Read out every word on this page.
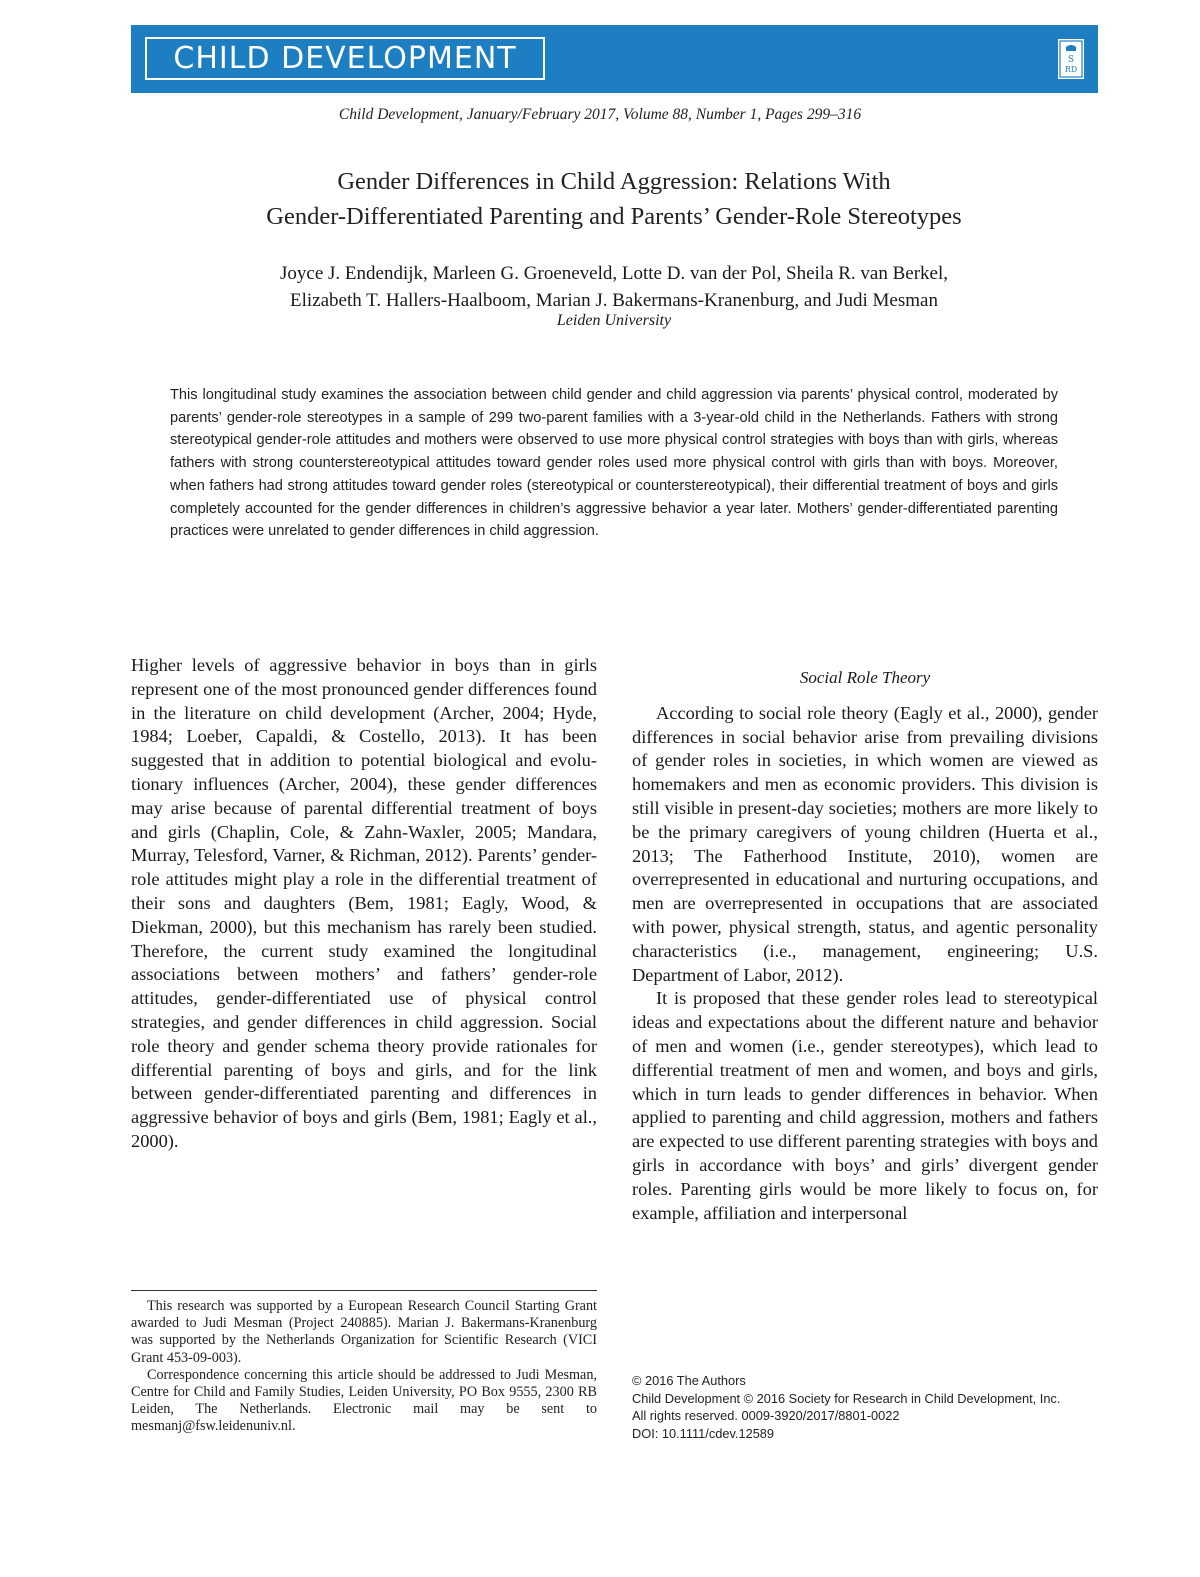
CHILD DEVELOPMENT	S
RD
Child Development, January/February 2017, Volume 88, Number 1, Pages 299–316
Gender Differences in Child Aggression: Relations With
Gender-Differentiated Parenting and Parents’ Gender-Role Stereotypes
Joyce J. Endendijk, Marleen G. Groeneveld, Lotte D. van der Pol, Sheila R. van Berkel,
Elizabeth T. Hallers-Haalboom, Marian J. Bakermans-Kranenburg, and Judi Mesman
Leiden University
This longitudinal study examines the association between child gender and child aggression via parents’ physical control, moderated by parents’ gender-role stereotypes in a sample of 299 two-parent families with a 3-year-old child in the Netherlands. Fathers with strong stereotypical gender-role attitudes and mothers were observed to use more physical control strategies with boys than with girls, whereas fathers with strong counterstereotypical attitudes toward gender roles used more physical control with girls than with boys. Moreover, when fathers had strong attitudes toward gender roles (stereotypical or counterstereotypical), their differential treatment of boys and girls completely accounted for the gender differences in children’s aggressive behavior a year later. Mothers’ gender-differentiated parenting practices were unrelated to gender differences in child aggression.

Higher levels of aggressive behavior in boys than in girls represent one of the most pronounced gender differences found in the literature on child development (Archer, 2004; Hyde, 1984; Loeber, Capaldi, & Costello, 2013). It has been suggested that in addition to potential biological and evolutionary influences (Archer, 2004), these gender differences may arise because of parental differential treatment of boys and girls (Chaplin, Cole, & Zahn-Waxler, 2005; Mandara, Murray, Telesford, Varner, & Richman, 2012). Parents’ gender-role attitudes might play a role in the differential treatment of their sons and daughters (Bem, 1981; Eagly, Wood, & Diekman, 2000), but this mechanism has rarely been studied. Therefore, the current study examined the longitudinal associations between mothers’ and fathers’ gender-role attitudes, gender-differentiated use of physical control strategies, and gender differences in child aggression. Social role theory and gender schema theory provide rationales for differential parenting of boys and girls, and for the link between gender-differentiated parenting and differences in aggressive behavior of boys and girls (Bem, 1981; Eagly et al., 2000).

Social Role Theory

According to social role theory (Eagly et al., 2000), gender differences in social behavior arise from prevailing divisions of gender roles in societies, in which women are viewed as homemakers and men as economic providers. This division is still visible in present-day societies; mothers are more likely to be the primary caregivers of young children (Huerta et al., 2013; The Fatherhood Institute, 2010), women are overrepresented in educational and nurturing occupations, and men are overrepresented in occupations that are associated with power, physical strength, status, and agentic personality characteristics (i.e., management, engineering; U.S. Department of Labor, 2012).

It is proposed that these gender roles lead to stereotypical ideas and expectations about the different nature and behavior of men and women (i.e., gender stereotypes), which lead to differential treatment of men and women, and boys and girls, which in turn leads to gender differences in behavior. When applied to parenting and child aggression, mothers and fathers are expected to use different parenting strategies with boys and girls in accordance with boys’ and girls’ divergent gender roles. Parenting girls would be more likely to focus on, for example, affiliation and interpersonal

This research was supported by a European Research Council Starting Grant awarded to Judi Mesman (Project 240885). Marian J. Bakermans-Kranenburg was supported by the Netherlands Organization for Scientific Research (VICI Grant 453-09-003).

Correspondence concerning this article should be addressed to Judi Mesman, Centre for Child and Family Studies, Leiden University, PO Box 9555, 2300 RB Leiden, The Netherlands. Electronic mail may be sent to mesmanj@fsw.leidenuniv.nl.

© 2016 The Authors
Child Development © 2016 Society for Research in Child Development, Inc.
All rights reserved. 0009-3920/2017/8801-0022
DOI: 10.1111/cdev.12589
